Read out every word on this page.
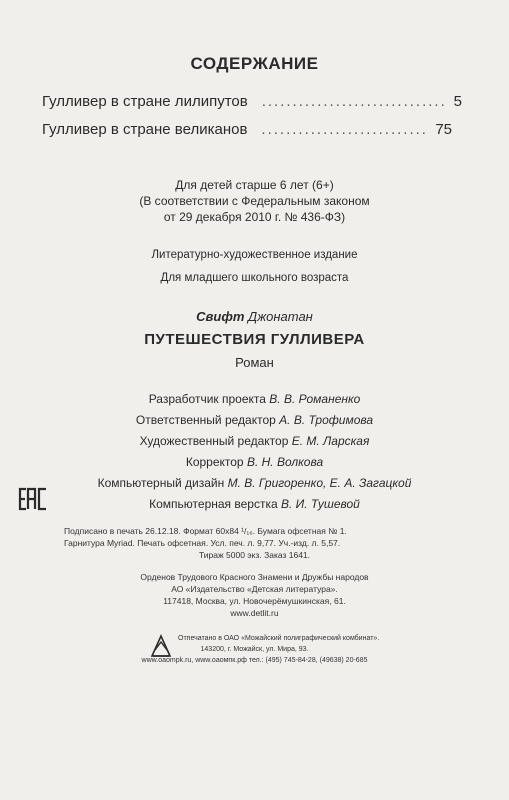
СОДЕРЖАНИЕ
Гулливер в стране лилипутов .....	5
Гулливер в стране великанов .....	75
Для детей старше 6 лет (6+)
(В соответствии с Федеральным законом
от 29 декабря 2010 г. № 436-ФЗ)
Литературно-художественное издание
Для младшего школьного возраста
Свифт Джонатан
ПУТЕШЕСТВИЯ ГУЛЛИВЕРА
Роман
Разработчик проекта В. В. Романенко
Ответственный редактор А. В. Трофимова
Художественный редактор Е. М. Ларская
Корректор В. Н. Волкова
Компьютерный дизайн М. В. Григоренко, Е. А. Загацкой
Компьютерная верстка В. И. Тушевой
EAC
Подписано в печать 26.12.18. Формат 60x84 ¹/₁₆. Бумага офсетная № 1.
Гарнитура Myriad. Печать офсетная. Усл. печ. л. 9,77. Уч.-изд. л. 5,57.
Тираж 5000 экз. Заказ 1641.
Орденов Трудового Красного Знамени и Дружбы народов
АО «Издательство «Детская литература».
117418, Москва, ул. Новочерёмушкинская, 61.
www.detlit.ru
Отпечатано в ОАО «Можайский полиграфический комбинат».
143200, г. Можайск, ул. Мира, 93.
www.oaompk.ru, www.оаомпк.рф тел.: (495) 745-84-28, (49638) 20-685
